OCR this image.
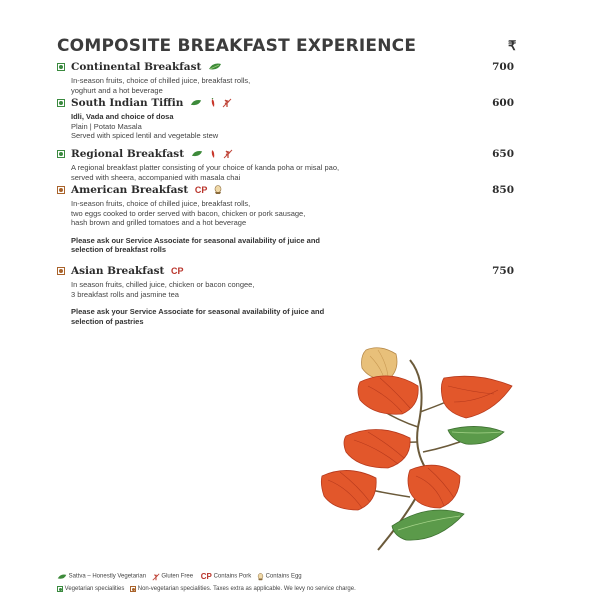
COMPOSITE BREAKFAST EXPERIENCE	₹
Continental Breakfast	700
In-season fruits, choice of chilled juice, breakfast rolls,
yoghurt and a hot beverage
South Indian Tiffin	600
Idli, Vada and choice of dosa
Plain | Potato Masala
Served with spiced lentil and vegetable stew
Regional Breakfast	650
A regional breakfast platter consisting of your choice of kanda poha or misal pao,
served with sheera, accompanied with masala chai
American Breakfast CP	850
In-season fruits, choice of chilled juice, breakfast rolls,
two eggs cooked to order served with bacon, chicken or pork sausage,
hash brown and grilled tomatoes and a hot beverage
Please ask our Service Associate for seasonal availability of juice and
selection of breakfast rolls
Asian Breakfast CP	750
In season fruits, chilled juice, chicken or bacon congee,
3 breakfast rolls and jasmine tea
Please ask your Service Associate for seasonal availability of juice and
selection of pastries
Sattva – Honestly Vegetarian	Gluten Free CP Contains Pork Contains Egg
Vegetarian specialities Non-vegetarian specialities. Taxes extra as applicable. We levy no service charge.
